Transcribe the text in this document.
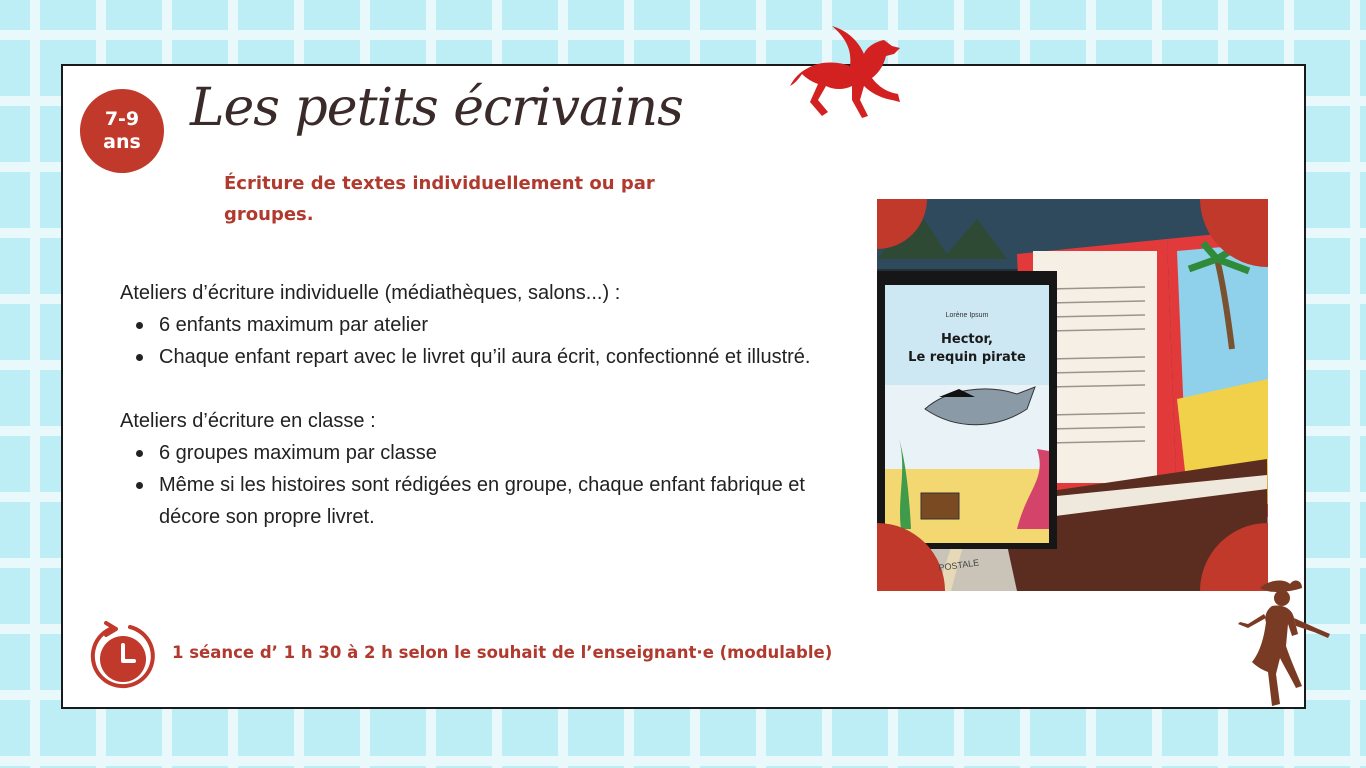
7-9
ans
Les petits écrivains
Écriture de textes individuellement ou par groupes.
Ateliers d’écriture individuelle (médiathèques, salons...) :
6 enfants maximum par atelier
Chaque enfant repart avec le livret qu’il aura écrit, confectionné et illustré.
Ateliers d’écriture en classe :
6 groupes maximum par classe
Même si les histoires sont rédigées en groupe, chaque enfant fabrique et décore son propre livret.
Lorène Ipsum
Hector,
Le requin pirate
POSTALE
1 séance d’ 1 h 30 à 2 h selon le souhait de l’enseignant·e (modulable)
